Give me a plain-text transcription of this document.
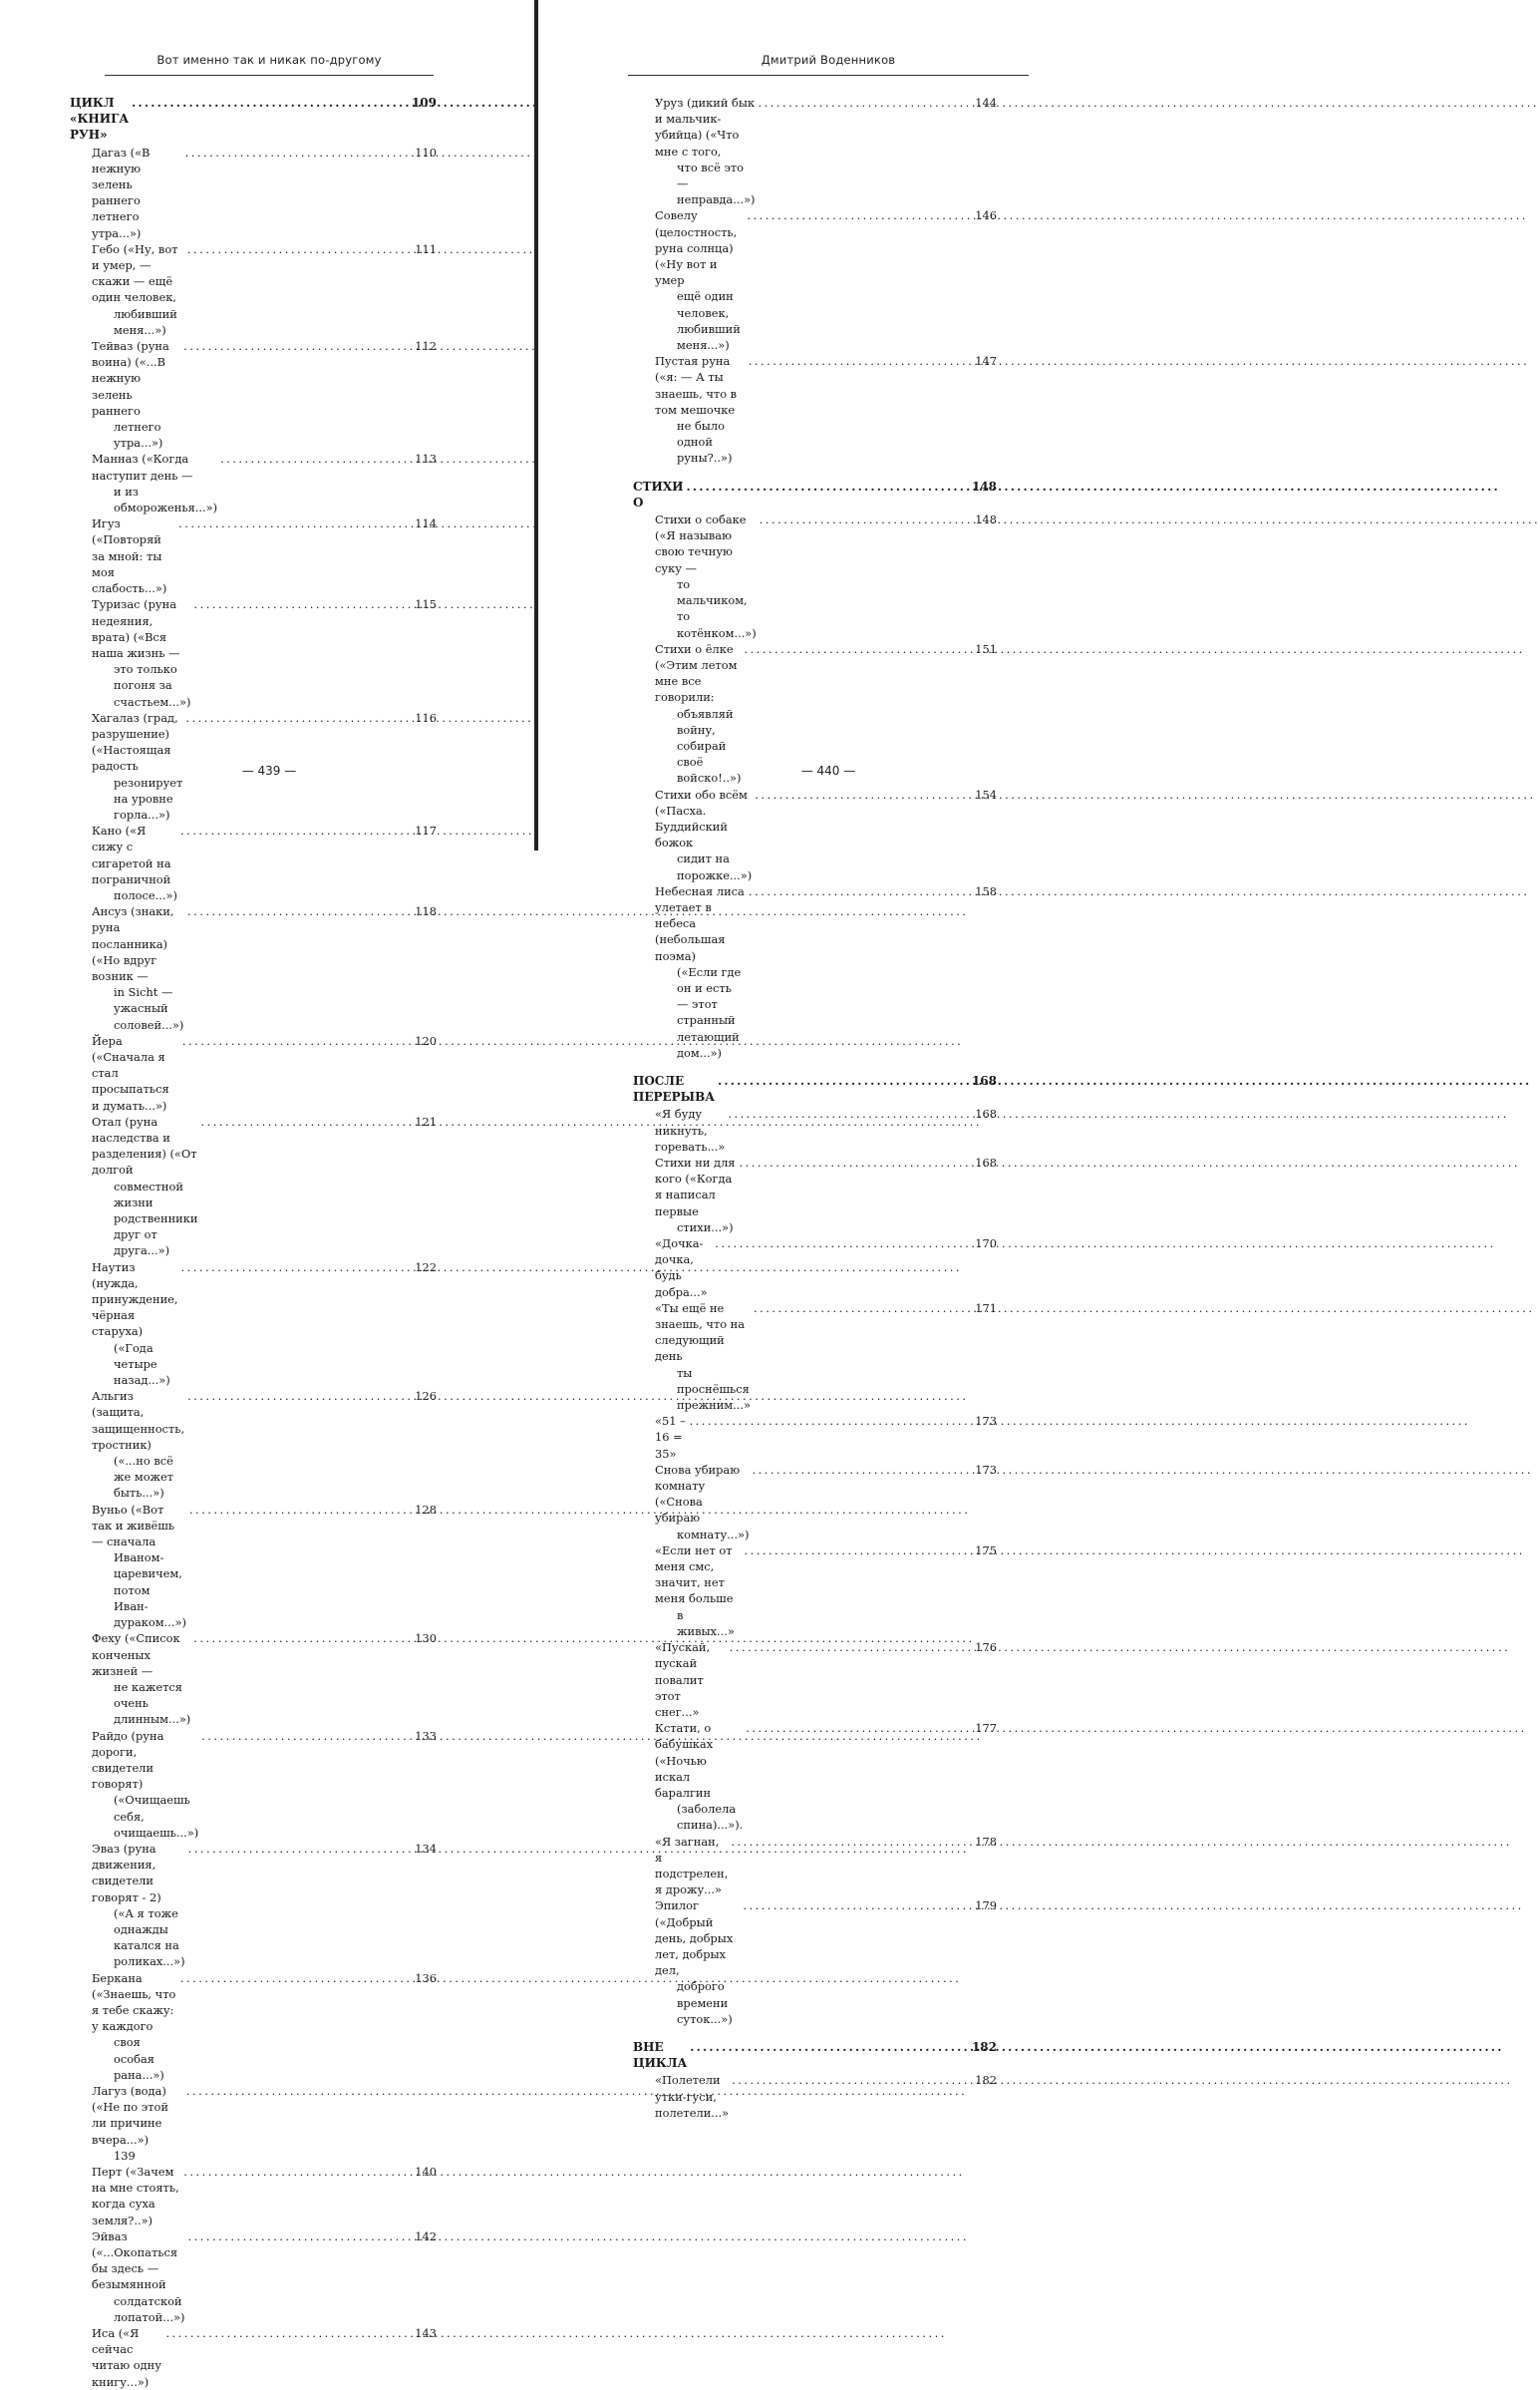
Вот именно так и никак по-другому
ЦИКЛ «КНИГА РУН»
.....
109
Дагаз («В нежную зелень раннего летнего утра...»)
.....
110
Гебо («Ну, вот и умер, — скажи — ещё один человек,
любивший меня...»)
.....
111
Тейваз (руна воина) («...В нежную зелень раннего
летнего утра...»)
.....
112
Манназ («Когда наступит день —
и из обмороженья...»)
.....
113
Игуз («Повторяй за мной: ты моя слабость...»)
.....
114
Туризас (руна недеяния, врата) («Вся наша жизнь —
это только погоня за счастьем...»)
.....
115
Хагалаз (град, разрушение) («Настоящая радость
резонирует на уровне горла...»)
.....
116
Кано («Я сижу с сигаретой на пограничной
полосе...»)
.....
117
Ансуз (знаки, руна посланника) («Но вдруг возник —
in Sicht — ужасный соловей...»)
.....
118
Йера («Сначала я стал просыпаться и думать...»)
.....
120
Отал (руна наследства и разделения) («От долгой
совместной жизни родственники друг от друга...»)
.....
121
Наутиз (нужда, принуждение, чёрная старуха)
(«Года четыре назад...»)
.....
122
Альгиз (защита, защищенность, тростник)
(«...но всё же может быть...»)
.....
126
Вуньо («Вот так и живёшь — сначала
Иваном-царевичем, потом Иван-дураком...»)
.....
128
Феху («Список конченых жизней —
не кажется очень длинным...»)
.....
130
Райдо (руна дороги, свидетели говорят)
(«Очищаешь себя, очищаешь...»)
.....
133
Эваз (руна движения, свидетели говорят - 2)
(«А я тоже однажды катался на роликах...»)
.....
134
Беркана («Знаешь, что я тебе скажу: у каждого
своя особая рана...»)
.....
136
Лагуз (вода) («Не по этой ли причине вчера...»)
.....
139
Перт («Зачем на мне стоять, когда суха земля?..»)
.....
140
Эйваз («...Окопаться бы здесь — безымянной
солдатской лопатой...»)
.....
142
Иса («Я сейчас читаю одну книгу...»)
.....
143
— 439 —
Дмитрий Воденников
Уруз (дикий бык и мальчик-убийца) («Что мне с того,
что всё это — неправда...»)
.....
144
Совелу (целостность, руна солнца) («Ну вот и умер
ещё один человек, любивший меня...»)
.....
146
Пустая руна («я: — А ты знаешь, что в том мешочке
не было одной руны?..»)
.....
147
СТИХИ О
.....
148
Стихи о собаке («Я называю свою течную суку —
то мальчиком, то котёнком...»)
.....
148
Стихи о ёлке («Этим летом мне все говорили:
объявляй войну, собирай своё войско!..»)
.....
151
Стихи обо всём («Пасха. Буддийский божок
сидит на порожке...»)
.....
154
Небесная лиса улетает в небеса (небольшая поэма)
(«Если где он и есть — этот странный летающий
дом...»)
.....
158
ПОСЛЕ ПЕРЕРЫВА
.....
168
«Я буду никнуть, горевать...»
.....
168
Стихи ни для кого («Когда я написал первые
стихи...»)
.....
168
«Дочка-дочка, будь добра...»
.....
170
«Ты ещё не знаешь, что на следующий день
ты проснёшься прежним...»
.....
171
«51 – 16 = 35»
.....
173
Снова убираю комнату («Снова убираю
комнату...»)
.....
173
«Если нет от меня смс, значит, нет меня больше
в живых...»
.....
175
«Пускай, пускай повалит этот снег...»
.....
176
Кстати, о бабушках («Ночью искал баралгин
(заболела спина)...»).
.....
177
«Я загнан, я подстрелен, я дрожу...»
.....
178
Эпилог («Добрый день, добрых лет, добрых дел,
доброго времени суток...»)
.....
179
ВНЕ ЦИКЛА
.....
182
«Полетели утки-гуси, полетели...»
.....
182
— 440 —
